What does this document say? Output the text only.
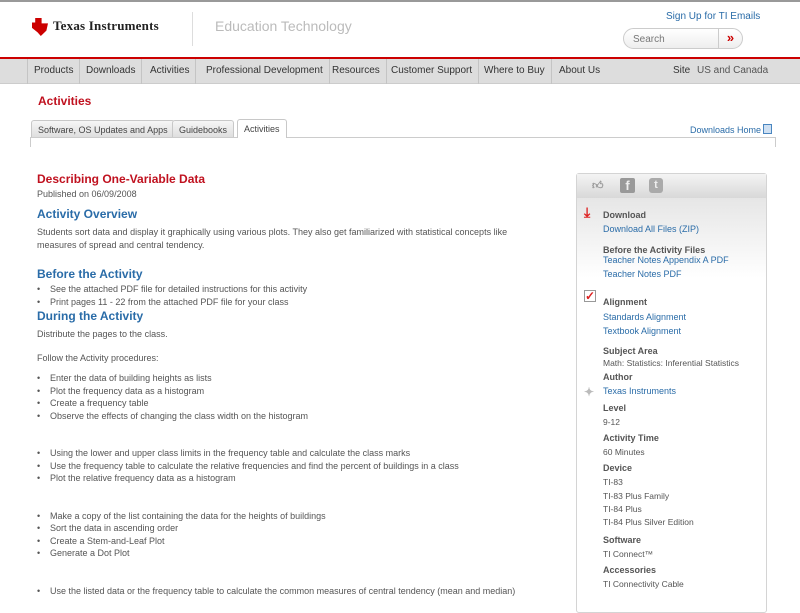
Texas Instruments	Education Technology
Sign Up for TI Emails
Search	»
Products	Downloads	Activities	Professional Development Resources	Customer Support	Where to Buy	About Us	Site US and Canada
Activities
Software, OS Updates and Apps	Guidebooks	Activities	Downloads Home
Describing One-Variable Data
Published on 06/09/2008
Activity Overview
Students sort data and display it graphically using various plots. They also get familiarized with statistical concepts like
measures of spread and central tendency.
Before the Activity
• See the attached PDF file for detailed instructions for this activity
• Print pages 11 - 22 from the attached PDF file for your class
During the Activity
Distribute the pages to the class.
Follow the Activity procedures:
• Enter the data of building heights as lists
• Plot the frequency data as a histogram
• Create a frequency table
• Observe the effects of changing the class width on the histogram
• Using the lower and upper class limits in the frequency table and calculate the class marks
• Use the frequency table to calculate the relative frequencies and find the percent of buildings in a class
• Plot the relative frequency data as a histogram
• Make a copy of the list containing the data for the heights of buildings
• Sort the data in ascending order
• Create a Stem-and-Leaf Plot
• Generate a Dot Plot
• Use the listed data or the frequency table to calculate the common measures of central tendency (mean and median)
👍︎	f	t
⤓
✓
✦
Download
Download All Files (ZIP)
Before the Activity Files
Teacher Notes Appendix A PDF
Teacher Notes PDF
Alignment
Standards Alignment
Textbook Alignment
Subject Area
Math: Statistics: Inferential Statistics
Author
Texas Instruments
Level
9-12
Activity Time
60 Minutes
Device
TI-83
TI-83 Plus Family
TI-84 Plus
TI-84 Plus Silver Edition
Software
TI Connect™
Accessories
TI Connectivity Cable
